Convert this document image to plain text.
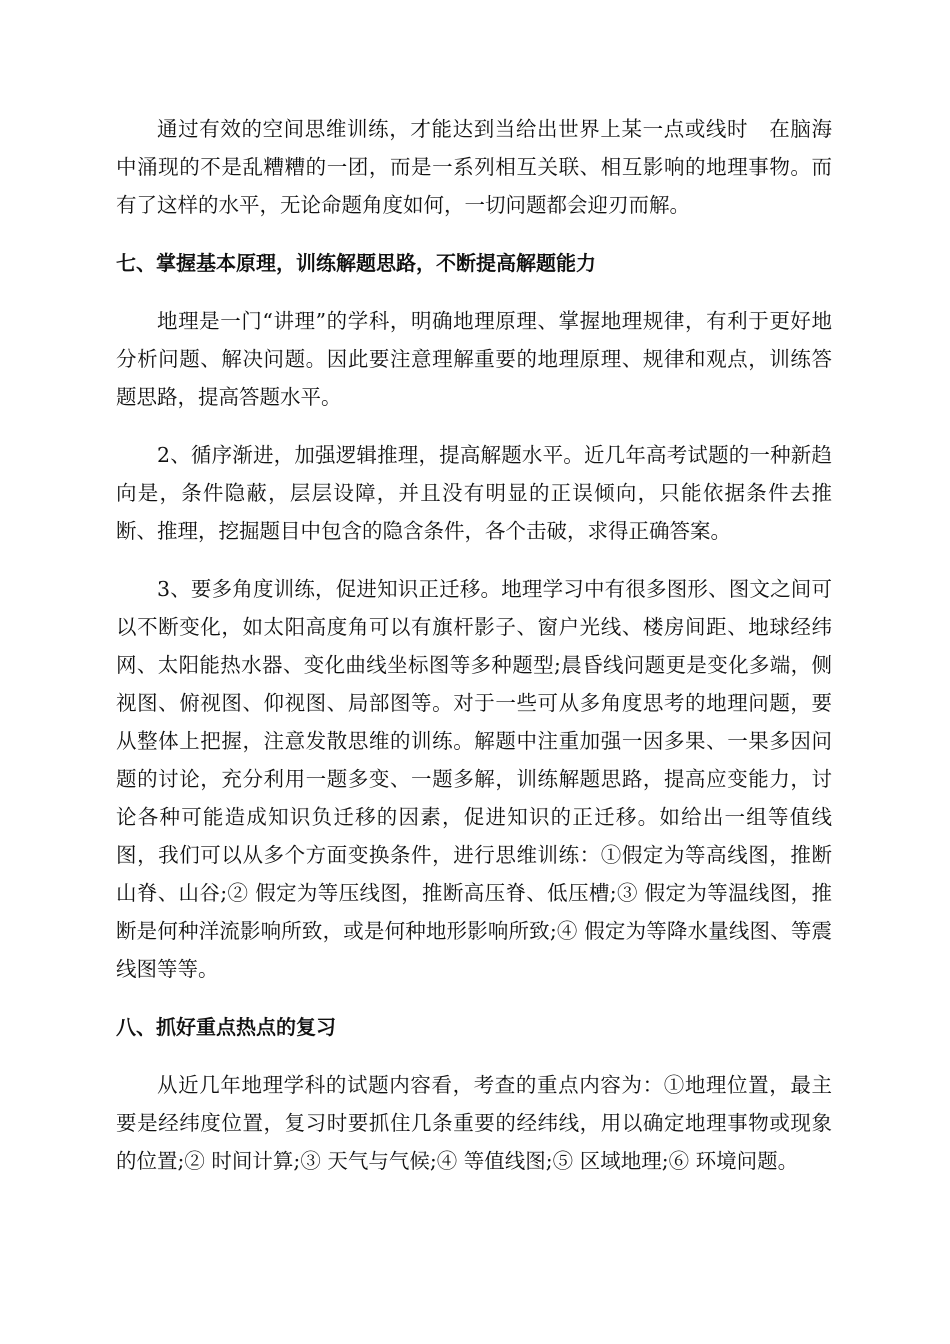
通过有效的空间思维训练，才能达到当给出世界上某一点或线时　在脑海中涌现的不是乱糟糟的一团，而是一系列相互关联、相互影响的地理事物。而有了这样的水平，无论命题角度如何，一切问题都会迎刃而解。

七、掌握基本原理，训练解题思路，不断提高解题能力

地理是一门“讲理”的学科，明确地理原理、掌握地理规律，有利于更好地分析问题、解决问题。因此要注意理解重要的地理原理、规律和观点，训练答题思路，提高答题水平。

2、循序渐进，加强逻辑推理，提高解题水平。近几年高考试题的一种新趋向是，条件隐蔽，层层设障，并且没有明显的正误倾向，只能依据条件去推断、推理，挖掘题目中包含的隐含条件，各个击破，求得正确答案。

3、要多角度训练，促进知识正迁移。地理学习中有很多图形、图文之间可以不断变化，如太阳高度角可以有旗杆影子、窗户光线、楼房间距、地球经纬网、太阳能热水器、变化曲线坐标图等多种题型;晨昏线问题更是变化多端，侧视图、俯视图、仰视图、局部图等。对于一些可从多角度思考的地理问题，要从整体上把握，注意发散思维的训练。解题中注重加强一因多果、一果多因问题的讨论，充分利用一题多变、一题多解，训练解题思路，提高应变能力，讨论各种可能造成知识负迁移的因素，促进知识的正迁移。如给出一组等值线图，我们可以从多个方面变换条件，进行思维训练：①假定为等高线图，推断山脊、山谷;② 假定为等压线图，推断高压脊、低压槽;③ 假定为等温线图，推断是何种洋流影响所致，或是何种地形影响所致;④ 假定为等降水量线图、等震线图等等。

八、抓好重点热点的复习

从近几年地理学科的试题内容看，考查的重点内容为：①地理位置，最主要是经纬度位置，复习时要抓住几条重要的经纬线，用以确定地理事物或现象的位置;② 时间计算;③ 天气与气候;④ 等值线图;⑤ 区域地理;⑥ 环境问题。
